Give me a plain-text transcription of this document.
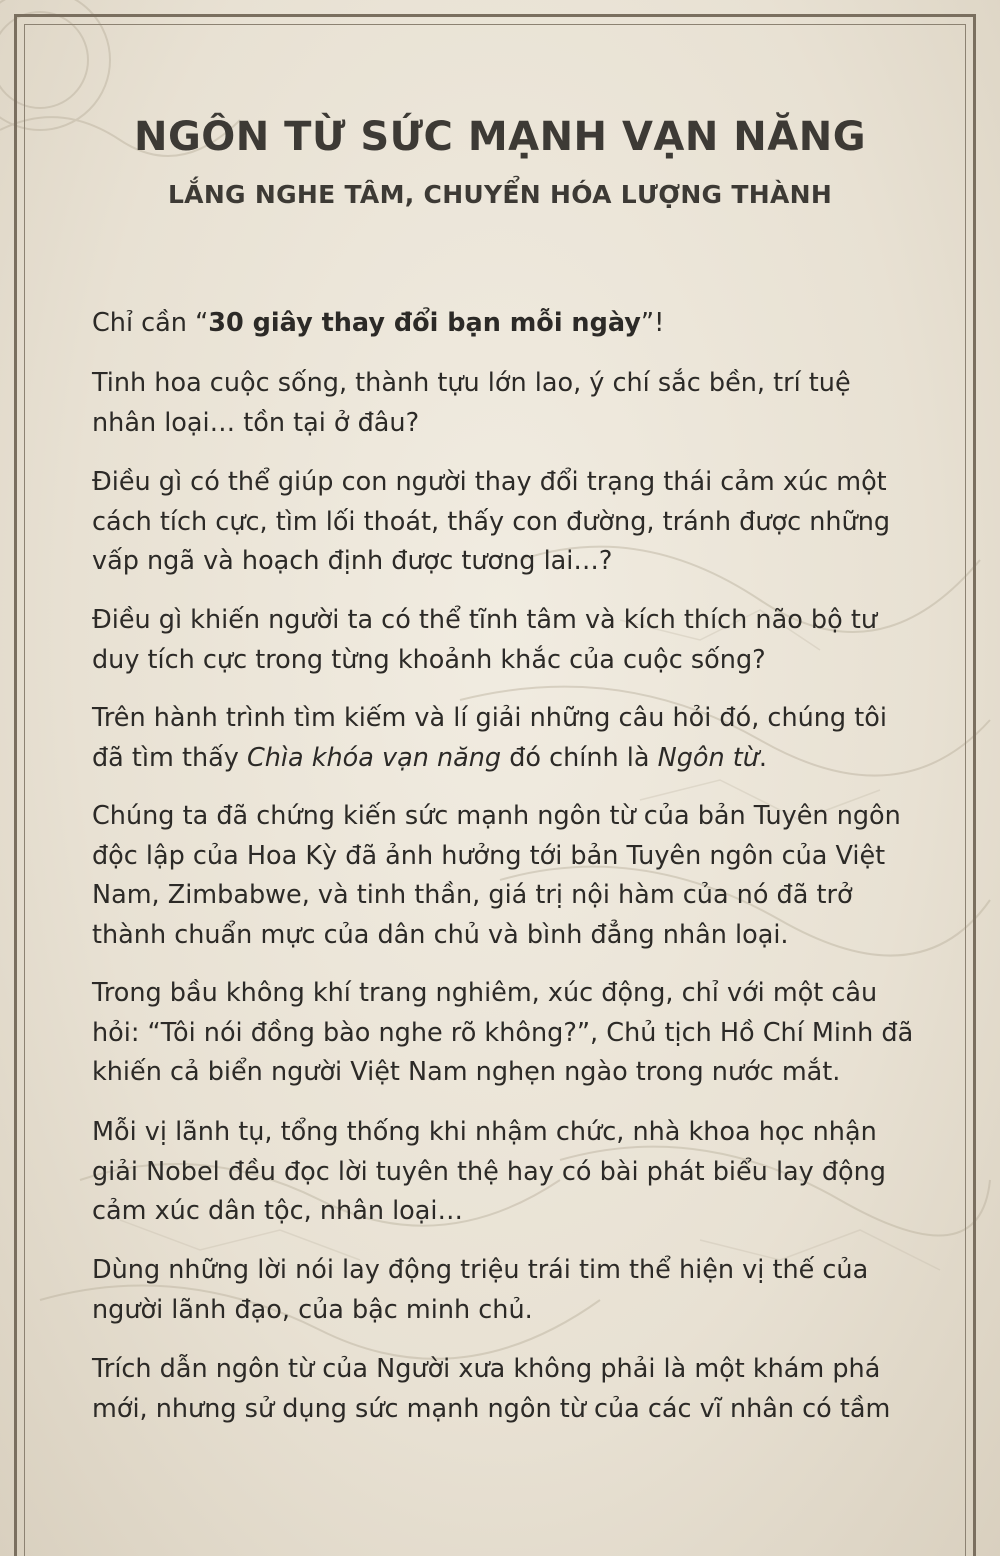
NGÔN TỪ SỨC MẠNH VẠN NĂNG
LẮNG NGHE TÂM, CHUYỂN HÓA LƯỢNG THÀNH

Chỉ cần “30 giây thay đổi bạn mỗi ngày”!

Tinh hoa cuộc sống, thành tựu lớn lao, ý chí sắc bền, trí tuệ nhân loại… tồn tại ở đâu?

Điều gì có thể giúp con người thay đổi trạng thái cảm xúc một cách tích cực, tìm lối thoát, thấy con đường, tránh được những vấp ngã và hoạch định được tương lai…?

Điều gì khiến người ta có thể tĩnh tâm và kích thích não bộ tư duy tích cực trong từng khoảnh khắc của cuộc sống?

Trên hành trình tìm kiếm và lí giải những câu hỏi đó, chúng tôi đã tìm thấy Chìa khóa vạn năng đó chính là Ngôn từ.

Chúng ta đã chứng kiến sức mạnh ngôn từ của bản Tuyên ngôn độc lập của Hoa Kỳ đã ảnh hưởng tới bản Tuyên ngôn của Việt Nam, Zimbabwe, và tinh thần, giá trị nội hàm của nó đã trở thành chuẩn mực của dân chủ và bình đẳng nhân loại.

Trong bầu không khí trang nghiêm, xúc động, chỉ với một câu hỏi: “Tôi nói đồng bào nghe rõ không?”, Chủ tịch Hồ Chí Minh đã khiến cả biển người Việt Nam nghẹn ngào trong nước mắt.

Mỗi vị lãnh tụ, tổng thống khi nhậm chức, nhà khoa học nhận giải Nobel đều đọc lời tuyên thệ hay có bài phát biểu lay động cảm xúc dân tộc, nhân loại…

Dùng những lời nói lay động triệu trái tim thể hiện vị thế của người lãnh đạo, của bậc minh chủ.

Trích dẫn ngôn từ của Người xưa không phải là một khám phá mới, nhưng sử dụng sức mạnh ngôn từ của các vĩ nhân có tầm
